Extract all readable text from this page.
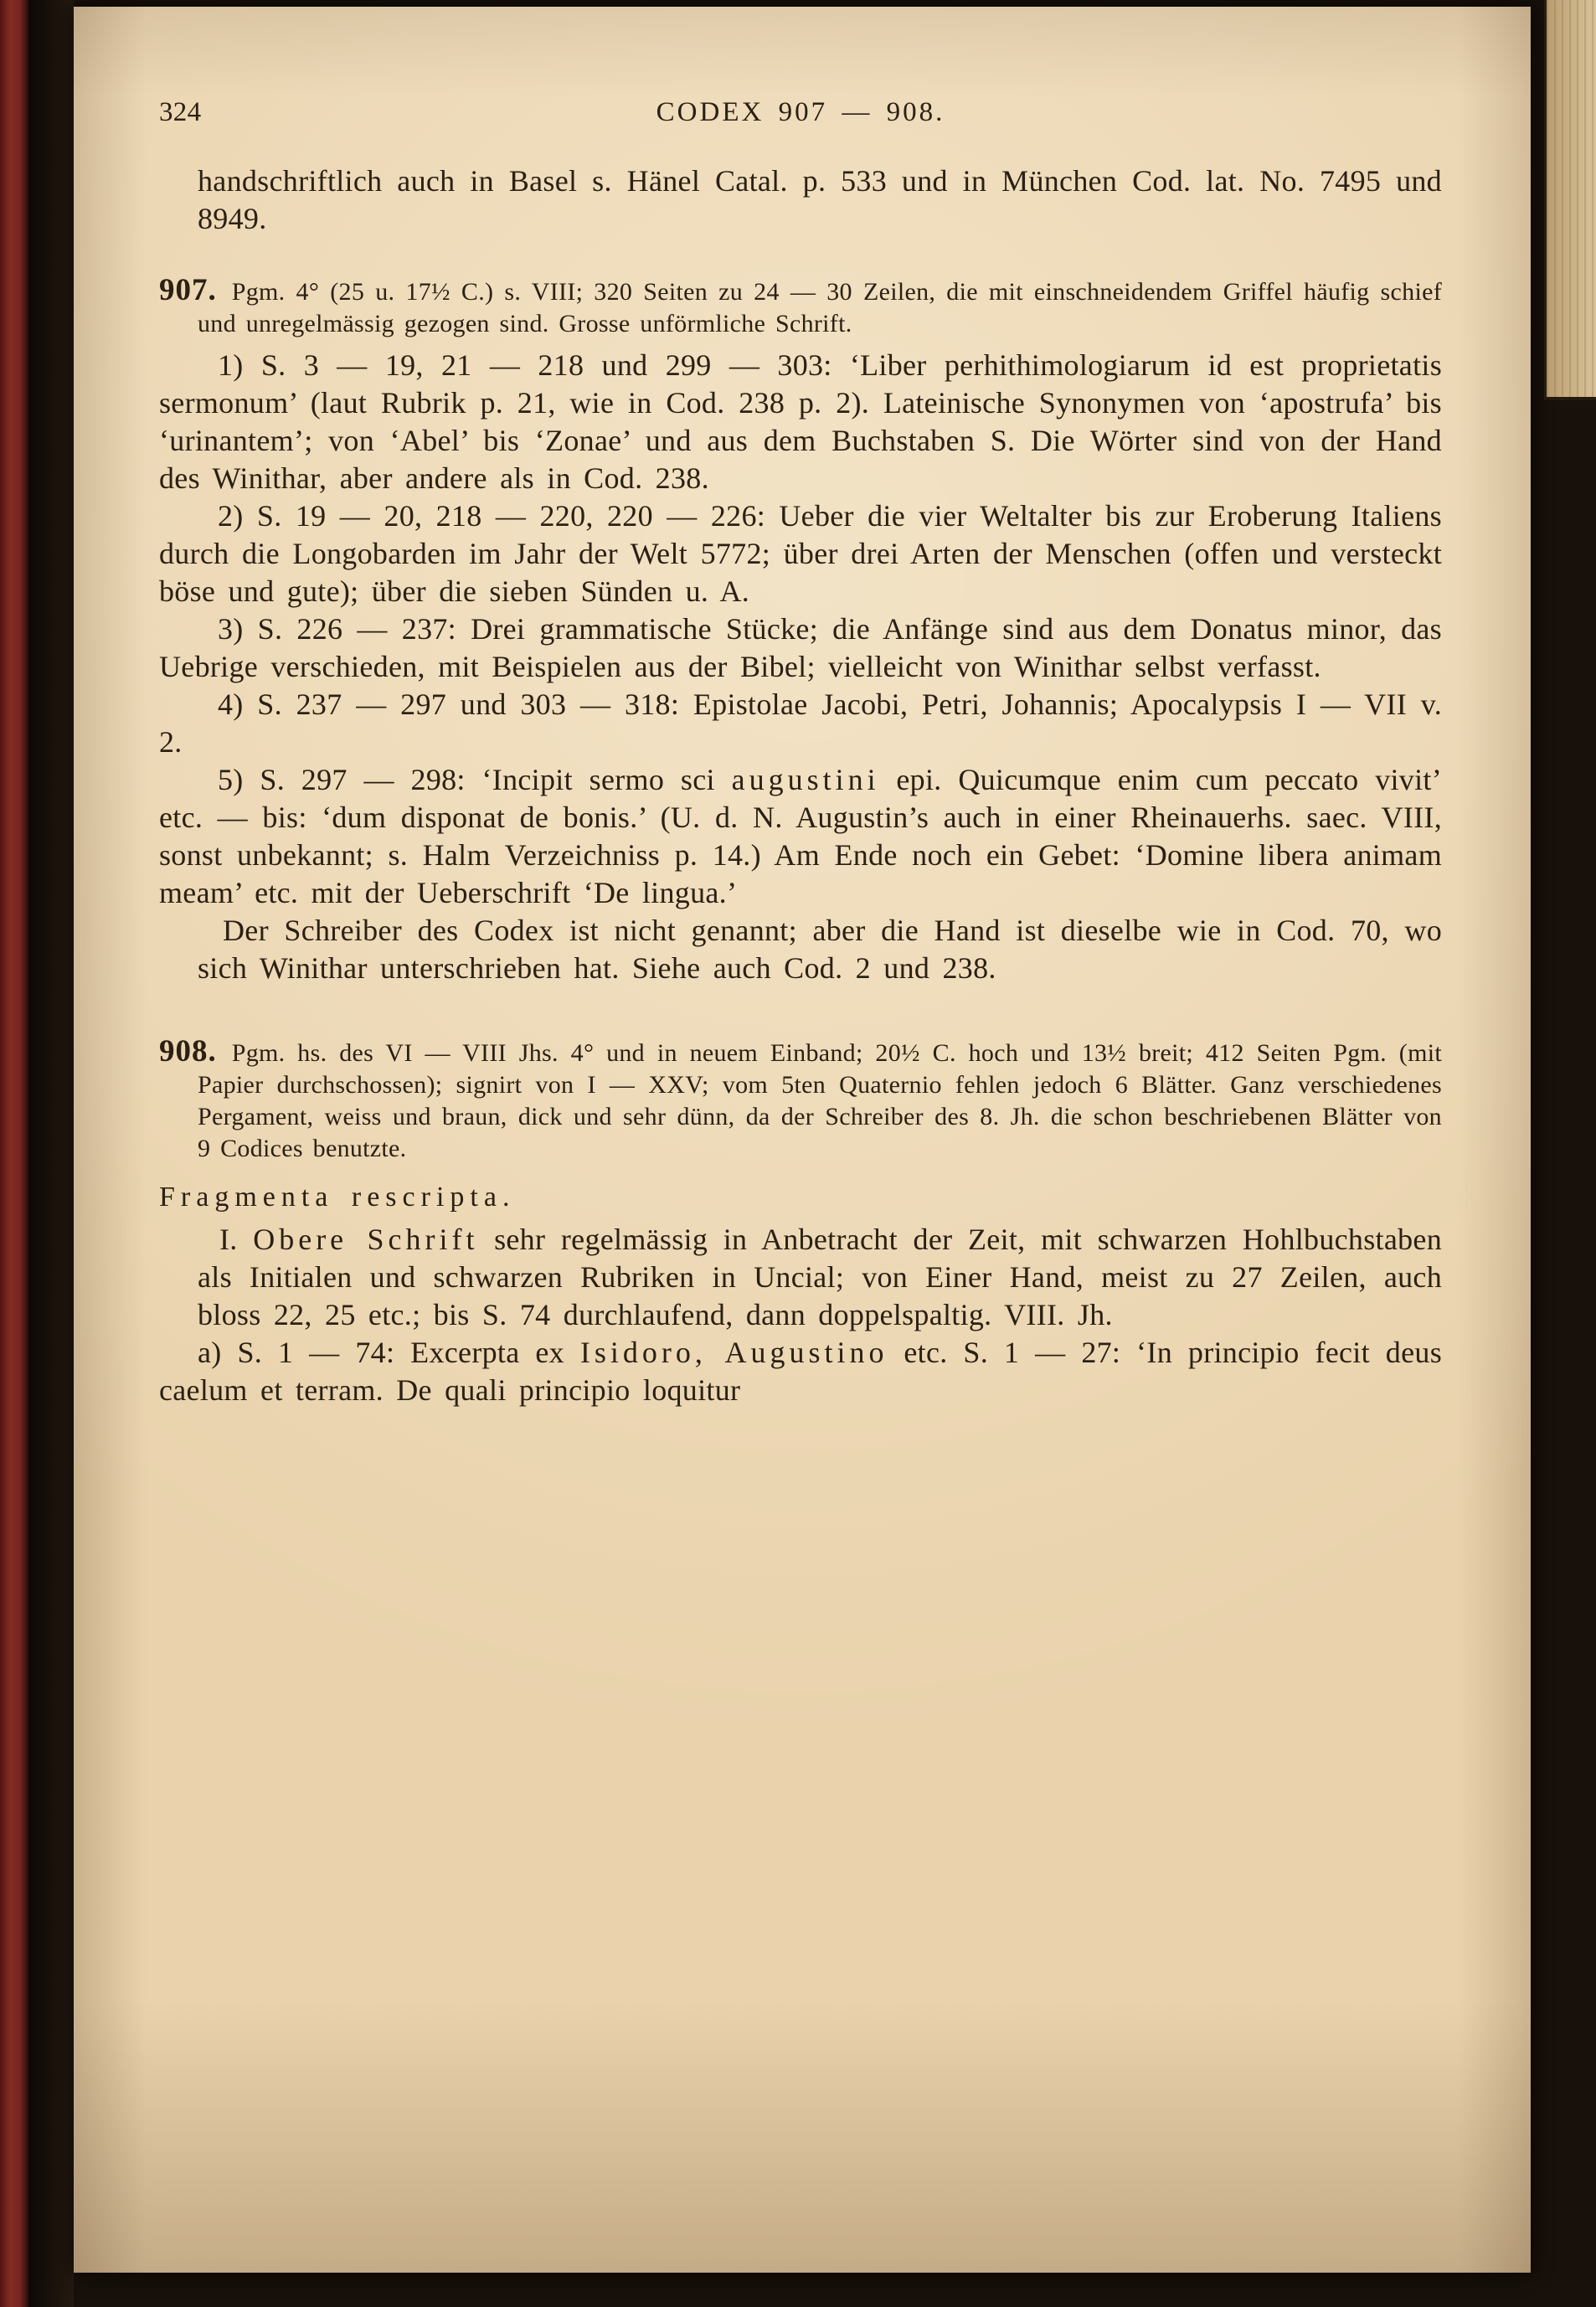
324	CODEX 907 — 908.

handschriftlich auch in Basel s. Hänel Catal. p. 533 und in München Cod. lat. No. 7495 und 8949.

907. Pgm. 4° (25 u. 17½ C.) s. VIII; 320 Seiten zu 24 — 30 Zeilen, die mit einschneidendem Griffel häufig schief und unregelmässig gezogen sind. Grosse unförmliche Schrift.

1) S. 3 — 19, 21 — 218 und 299 — 303: ‘Liber perhithimologiarum id est proprietatis sermonum’ (laut Rubrik p. 21, wie in Cod. 238 p. 2). Lateinische Synonymen von ‘apostrufa’ bis ‘urinantem’; von ‘Abel’ bis ‘Zonae’ und aus dem Buchstaben S. Die Wörter sind von der Hand des Winithar, aber andere als in Cod. 238.

2) S. 19 — 20, 218 — 220, 220 — 226: Ueber die vier Weltalter bis zur Eroberung Italiens durch die Longobarden im Jahr der Welt 5772; über drei Arten der Menschen (offen und versteckt böse und gute); über die sieben Sünden u. A.

3) S. 226 — 237: Drei grammatische Stücke; die Anfänge sind aus dem Donatus minor, das Uebrige verschieden, mit Beispielen aus der Bibel; vielleicht von Winithar selbst verfasst.

4) S. 237 — 297 und 303 — 318: Epistolae Jacobi, Petri, Johannis; Apocalypsis I — VII v. 2.

5) S. 297 — 298: ‘Incipit sermo sci augustini epi. Quicumque enim cum peccato vivit’ etc. — bis: ‘dum disponat de bonis.’ (U. d. N. Augustin’s auch in einer Rheinauerhs. saec. VIII, sonst unbekannt; s. Halm Verzeichniss p. 14.) Am Ende noch ein Gebet: ‘Domine libera animam meam’ etc. mit der Ueberschrift ‘De lingua.’

Der Schreiber des Codex ist nicht genannt; aber die Hand ist dieselbe wie in Cod. 70, wo sich Winithar unterschrieben hat. Siehe auch Cod. 2 und 238.

908. Pgm. hs. des VI — VIII Jhs. 4° und in neuem Einband; 20½ C. hoch und 13½ breit; 412 Seiten Pgm. (mit Papier durchschossen); signirt von I — XXV; vom 5ten Quaternio fehlen jedoch 6 Blätter. Ganz verschiedenes Pergament, weiss und braun, dick und sehr dünn, da der Schreiber des 8. Jh. die schon beschriebenen Blätter von 9 Codices benutzte.

Fragmenta rescripta.

I. Obere Schrift sehr regelmässig in Anbetracht der Zeit, mit schwarzen Hohlbuchstaben als Initialen und schwarzen Rubriken in Uncial; von Einer Hand, meist zu 27 Zeilen, auch bloss 22, 25 etc.; bis S. 74 durchlaufend, dann doppelspaltig. VIII. Jh.

a) S. 1 — 74: Excerpta ex Isidoro, Augustino etc. S. 1 — 27: ‘In principio fecit deus caelum et terram. De quali principio loquitur
